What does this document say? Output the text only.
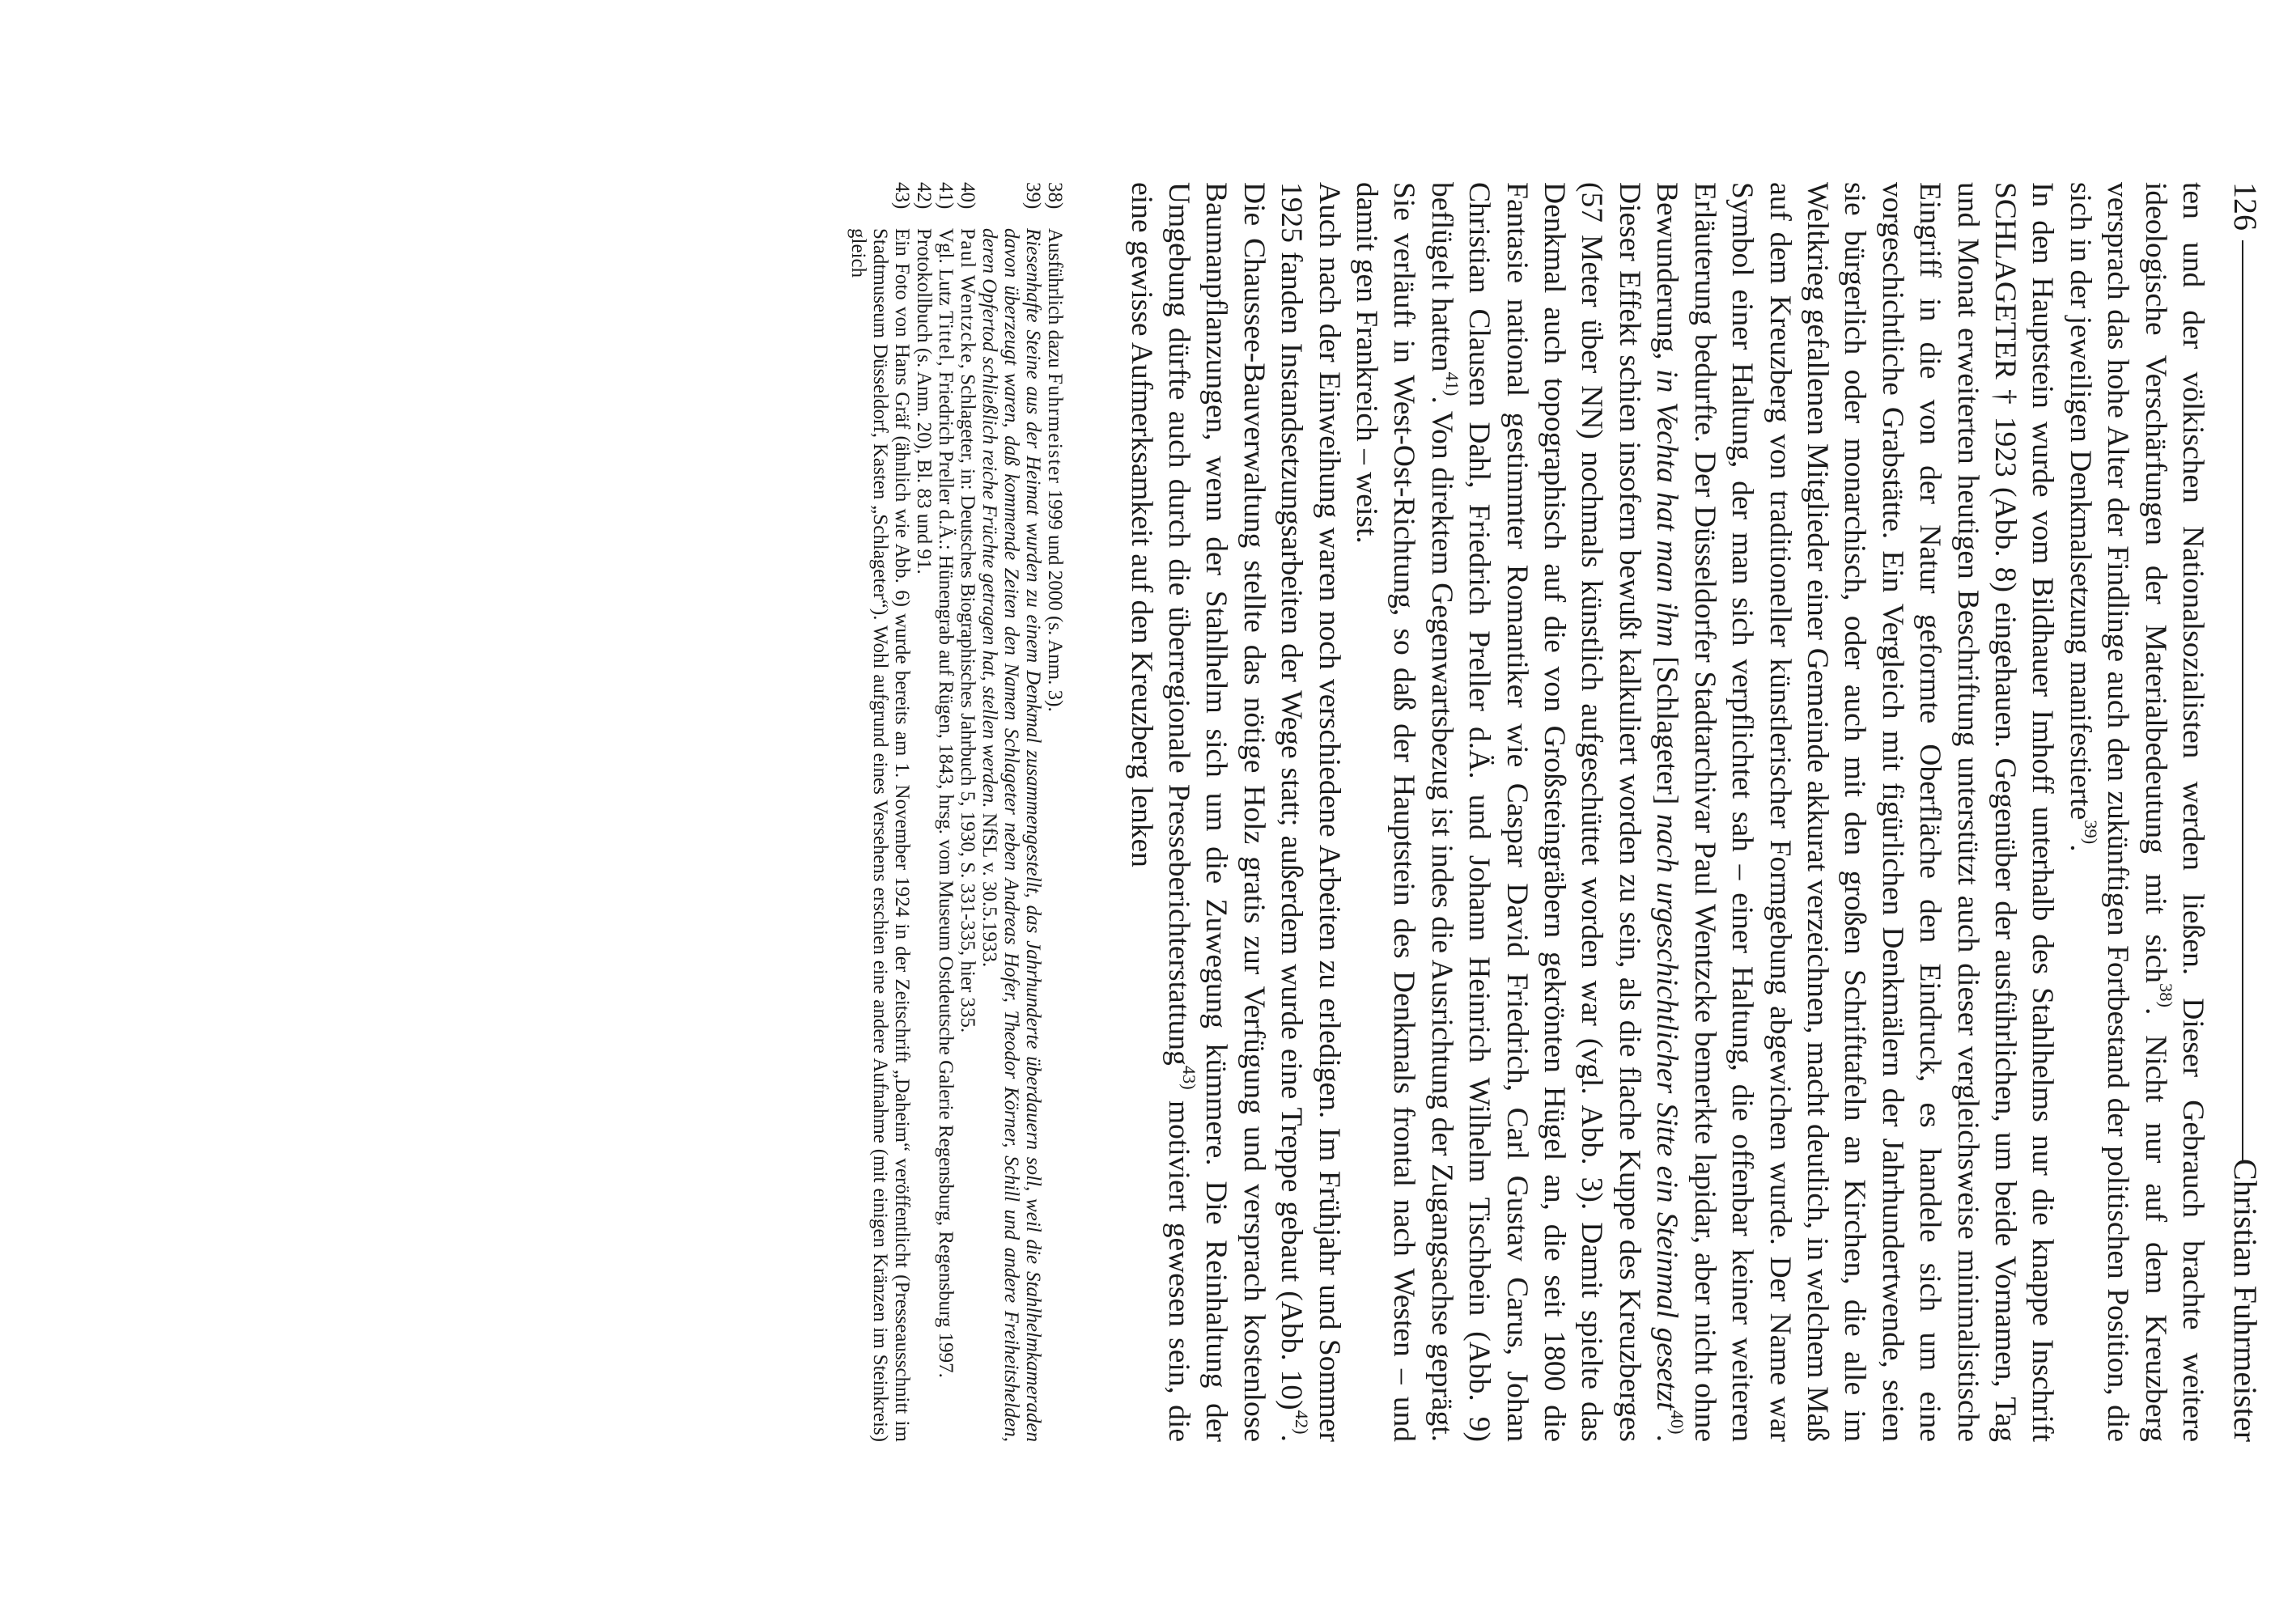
126
Christian Fuhrmeister

ten und der völkischen Nationalsozialisten werden ließen. Dieser Gebrauch brachte weitere ideologische Verschärfungen der Materialbedeutung mit sich$^{38)}$. Nicht nur auf dem Kreuzberg versprach das hohe Alter der Findlinge auch den zukünftigen Fortbestand der politischen Position, die sich in der jeweiligen Denkmalsetzung manifestierte$^{39)}$.

In den Hauptstein wurde vom Bildhauer Imhoff unterhalb des Stahlhelms nur die knappe Inschrift SCHLAGETER † 1923 (Abb. 8) eingehauen. Gegenüber der ausführlichen, um beide Vornamen, Tag und Monat erweiterten heutigen Beschriftung unterstützt auch dieser vergleichsweise minimalistische Eingriff in die von der Natur geformte Oberfläche den Eindruck, es handele sich um eine vorgeschichtliche Grabstätte. Ein Vergleich mit figürlichen Denkmälern der Jahrhundertwende, seien sie bürgerlich oder monarchisch, oder auch mit den großen Schrifttafeln an Kirchen, die alle im Weltkrieg gefallenen Mitglieder einer Gemeinde akkurat verzeichnen, macht deutlich, in welchem Maß auf dem Kreuzberg von traditioneller künstlerischer Formgebung abgewichen wurde. Der Name war Symbol einer Haltung, der man sich verpflichtet sah – einer Haltung, die offenbar keiner weiteren Erläuterung bedurfte. Der Düsseldorfer Stadtarchivar Paul Wentzcke bemerkte lapidar, aber nicht ohne Bewunderung, in Vechta hat man ihm [Schlageter] nach urgeschichtlicher Sitte ein Steinmal gesetzt$^{40)}$. Dieser Effekt schien insofern bewußt kalkuliert worden zu sein, als die flache Kuppe des Kreuzberges (57 Meter über NN) nochmals künstlich aufgeschüttet worden war (vgl. Abb. 3). Damit spielte das Denkmal auch topographisch auf die von Großsteingräbern gekrönten Hügel an, die seit 1800 die Fantasie national gestimmter Romantiker wie Caspar David Friedrich, Carl Gustav Carus, Johan Christian Clausen Dahl, Friedrich Preller d.Ä. und Johann Heinrich Wilhelm Tischbein (Abb. 9) beflügelt hatten$^{41)}$. Von direktem Gegenwartsbezug ist indes die Ausrichtung der Zugangsachse geprägt. Sie verläuft in West-Ost-Richtung, so daß der Hauptstein des Denkmals frontal nach Westen – und damit gen Frankreich – weist.

Auch nach der Einweihung waren noch verschiedene Arbeiten zu erledigen. Im Frühjahr und Sommer 1925 fanden Instandsetzungsarbeiten der Wege statt; außerdem wurde eine Treppe gebaut (Abb. 10)$^{42)}$. Die Chaussee-Bauverwaltung stellte das nötige Holz gratis zur Verfügung und versprach kostenlose Baumanpflanzungen, wenn der Stahlhelm sich um die Zuwegung kümmere. Die Reinhaltung der Umgebung dürfte auch durch die überregionale Presseberichterstattung$^{43)}$ motiviert gewesen sein, die eine gewisse Aufmerksamkeit auf den Kreuzberg lenken

38)
Ausführlich dazu Fuhrmeister 1999 und 2000 (s. Anm. 3).
39)
Riesenhafte Steine aus der Heimat wurden zu einem Denkmal zusammengestellt, das Jahrhunderte überdauern soll, weil die Stahlhelmkameraden davon überzeugt waren, daß kommende Zeiten den Namen Schlageter neben Andreas Hofer, Theodor Körner, Schill und andere Freiheitshelden, deren Opfertod schließlich reiche Früchte getragen hat, stellen werden. NfSL v. 30.5.1933.
40)
Paul Wentzcke, Schlageter, in: Deutsches Biographisches Jahrbuch 5, 1930, S. 331-335, hier 335.
41)
Vgl. Lutz Tittel, Friedrich Preller d.Ä.: Hünengrab auf Rügen, 1843, hrsg. vom Museum Ostdeutsche Galerie Regensburg, Regensburg 1997.
42)
Protokollbuch (s. Anm. 20), Bl. 83 und 91.
43)
Ein Foto von Hans Gräf (ähnlich wie Abb. 6) wurde bereits am 1. November 1924 in der Zeitschrift „Daheim“ veröffentlicht (Presseausschnitt im Stadtmuseum Düsseldorf, Kasten „Schlageter“). Wohl aufgrund eines Versehens erschien eine andere Aufnahme (mit einigen Kränzen im Steinkreis) gleich
